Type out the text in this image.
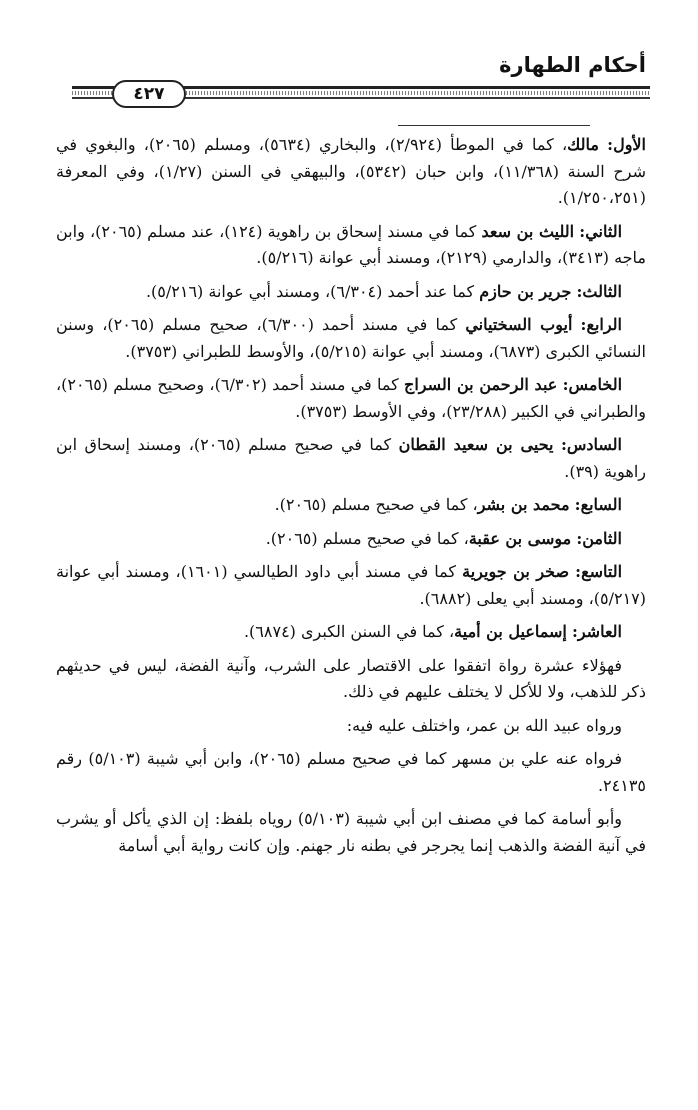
أحكام الطهارة
٤٢٧

الأول: مالك، كما في الموطأ (٢/٩٢٤)، والبخاري (٥٦٣٤)، ومسلم (٢٠٦٥)، والبغوي في شرح السنة (١١/٣٦٨)، وابن حبان (٥٣٤٢)، والبيهقي في السنن (١/٢٧)، وفي المعرفة (١/٢٥٠،٢٥١).

الثاني: الليث بن سعد كما في مسند إسحاق بن راهوية (١٢٤)، عند مسلم (٢٠٦٥)، وابن ماجه (٣٤١٣)، والدارمي (٢١٢٩)، ومسند أبي عوانة (٥/٢١٦).

الثالث: جرير بن حازم كما عند أحمد (٦/٣٠٤)، ومسند أبي عوانة (٥/٢١٦).

الرابع: أيوب السختياني كما في مسند أحمد (٦/٣٠٠)، صحيح مسلم (٢٠٦٥)، وسنن النسائي الكبرى (٦٨٧٣)، ومسند أبي عوانة (٥/٢١٥)، والأوسط للطبراني (٣٧٥٣).

الخامس: عبد الرحمن بن السراج كما في مسند أحمد (٦/٣٠٢)، وصحيح مسلم (٢٠٦٥)، والطبراني في الكبير (٢٣/٢٨٨)، وفي الأوسط (٣٧٥٣).

السادس: يحيى بن سعيد القطان كما في صحيح مسلم (٢٠٦٥)، ومسند إسحاق ابن راهوية (٣٩).

السابع: محمد بن بشر، كما في صحيح مسلم (٢٠٦٥).

الثامن: موسى بن عقبة، كما في صحيح مسلم (٢٠٦٥).

التاسع: صخر بن جويرية كما في مسند أبي داود الطيالسي (١٦٠١)، ومسند أبي عوانة (٥/٢١٧)، ومسند أبي يعلى (٦٨٨٢).

العاشر: إسماعيل بن أمية، كما في السنن الكبرى (٦٨٧٤).

فهؤلاء عشرة رواة اتفقوا على الاقتصار على الشرب، وآنية الفضة، ليس في حديثهم ذكر للذهب، ولا للأكل لا يختلف عليهم في ذلك.

ورواه عبيد الله بن عمر، واختلف عليه فيه:

فرواه عنه علي بن مسهر كما في صحيح مسلم (٢٠٦٥)، وابن أبي شيبة (٥/١٠٣) رقم ٢٤١٣٥.

وأبو أسامة كما في مصنف ابن أبي شيبة (٥/١٠٣) روياه بلفظ: إن الذي يأكل أو يشرب في آنية الفضة والذهب إنما يجرجر في بطنه نار جهنم. وإن كانت رواية أبي أسامة
